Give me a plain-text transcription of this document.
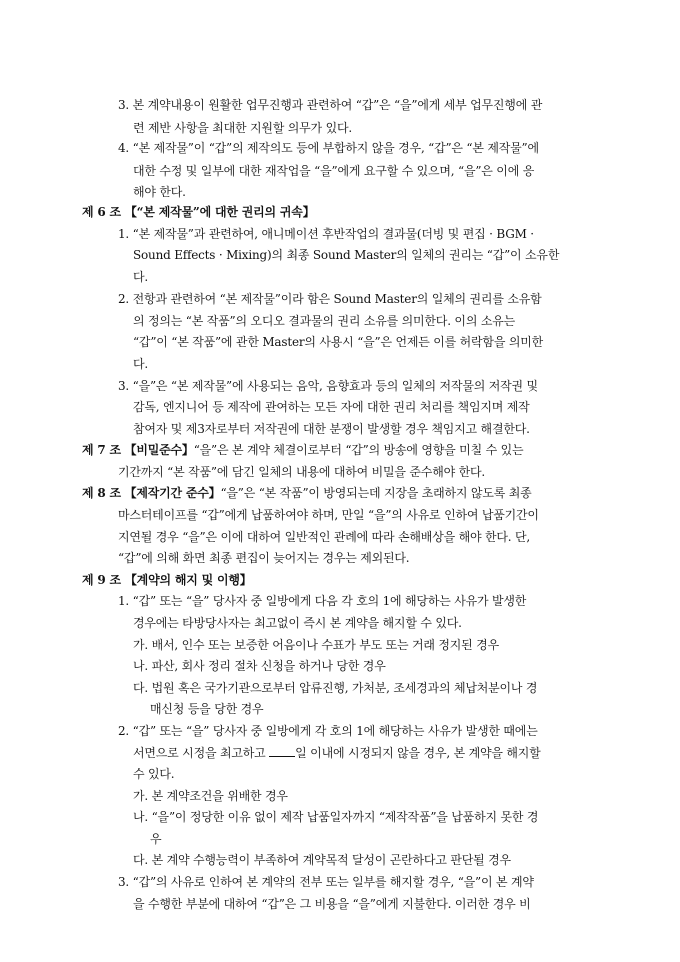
3. 본 계약내용이 원활한 업무진행과 관련하여 “갑”은 “을”에게 세부 업무진행에 관
련 제반 사항을 최대한 지원할 의무가 있다.
4. “본 제작물”이 “갑”의 제작의도 등에 부합하지 않을 경우, “갑”은 “본 제작물”에
대한 수정 및 일부에 대한 재작업을 “을”에게 요구할 수 있으며, “을”은 이에 응
해야 한다.
제 6 조 【“본 제작물”에 대한 권리의 귀속】
1. “본 제작물”과 관련하여, 애니메이션 후반작업의 결과물(더빙 및 편집 · BGM ·
Sound Effects · Mixing)의 최종 Sound Master의 일체의 권리는 “갑”이 소유한
다.
2. 전항과 관련하여 “본 제작물”이라 함은 Sound Master의 일체의 권리를 소유함
의 정의는 “본 작품”의 오디오 결과물의 권리 소유를 의미한다. 이의 소유는
“갑”이 “본 작품”에 관한 Master의 사용시 “을”은 언제든 이를 허락함을 의미한
다.
3. “을”은 “본 제작물”에 사용되는 음악, 음향효과 등의 일체의 저작물의 저작권 및
감독, 엔지니어 등 제작에 관여하는 모든 자에 대한 권리 처리를 책임지며 제작
참여자 및 제3자로부터 저작권에 대한 분쟁이 발생할 경우 책임지고 해결한다.
제 7 조 【비밀준수】“을”은 본 계약 체결이로부터 “갑”의 방송에 영향을 미칠 수 있는
기간까지 “본 작품”에 담긴 일체의 내용에 대하여 비밀을 준수해야 한다.
제 8 조 【제작기간 준수】“을”은 “본 작품”이 방영되는데 지장을 초래하지 않도록 최종
마스터테이프를 “갑”에게 납품하여야 하며, 만일 “을”의 사유로 인하여 납품기간이
지연될 경우 “을”은 이에 대하여 일반적인 관례에 따라 손해배상을 해야 한다. 단,
“갑”에 의해 화면 최종 편집이 늦어지는 경우는 제외된다.
제 9 조 【계약의 해지 및 이행】
1. “갑” 또는 “을” 당사자 중 일방에게 다음 각 호의 1에 해당하는 사유가 발생한
경우에는 타방당사자는 최고없이 즉시 본 계약을 해지할 수 있다.
가. 배서, 인수 또는 보증한 어음이나 수표가 부도 또는 거래 정지된 경우
나. 파산, 회사 정리 절차 신청을 하거나 당한 경우
다. 법원 혹은 국가기관으로부터 압류진행, 가처분, 조세경과의 체납처분이나 경
매신청 등을 당한 경우
2. “갑” 또는 “을” 당사자 중 일방에게 각 호의 1에 해당하는 사유가 발생한 때에는
서면으로 시정을 최고하고 일 이내에 시정되지 않을 경우, 본 계약을 해지할
수 있다.
가. 본 계약조건을 위배한 경우
나. “을”이 정당한 이유 없이 제작 납품일자까지 “제작작품”을 납품하지 못한 경
우
다. 본 계약 수행능력이 부족하여 계약목적 달성이 곤란하다고 판단될 경우
3. “갑”의 사유로 인하여 본 계약의 전부 또는 일부를 해지할 경우, “을”이 본 계약
을 수행한 부분에 대하여 “갑”은 그 비용을 “을”에게 지불한다. 이러한 경우 비
